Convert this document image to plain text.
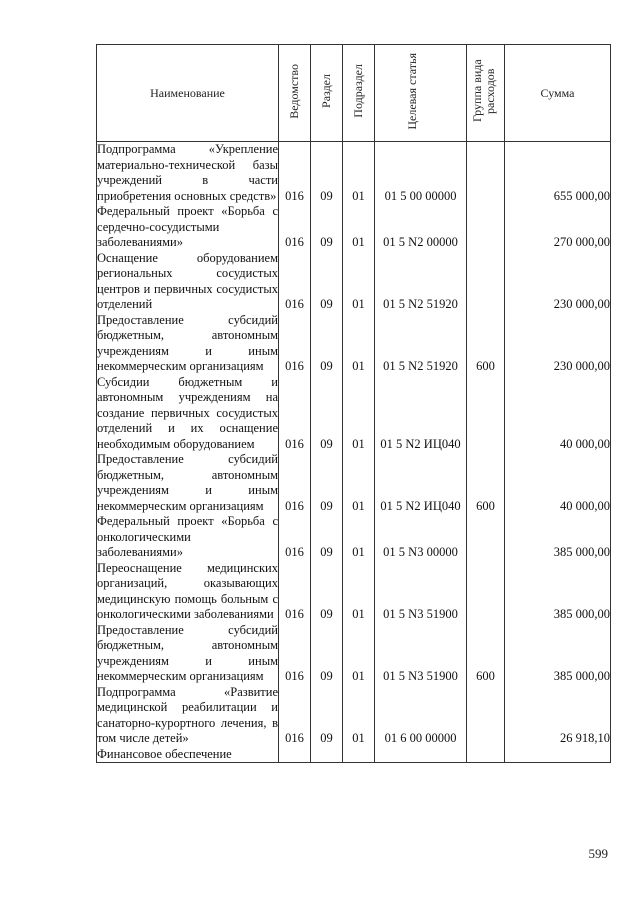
Наименование	Ведомство	Раздел	Подраздел	Целевая статья	Группа вида расходов	Сумма
Подпрограмма «Укрепление материально-технической базы учреждений в части приобретения основных средств»	016	09	01	01 5 00 00000		655 000,00
Федеральный проект «Борьба с сердечно-сосудистыми заболеваниями»	016	09	01	01 5 N2 00000		270 000,00
Оснащение оборудованием региональных сосудистых центров и первичных сосудистых отделений	016	09	01	01 5 N2 51920		230 000,00
Предоставление субсидий бюджетным, автономным учреждениям и иным некоммерческим организациям	016	09	01	01 5 N2 51920	600	230 000,00
Субсидии бюджетным и автономным учреждениям на создание первичных сосудистых отделений и их оснащение необходимым оборудованием	016	09	01	01 5 N2 ИЦ040		40 000,00
Предоставление субсидий бюджетным, автономным учреждениям и иным некоммерческим организациям	016	09	01	01 5 N2 ИЦ040	600	40 000,00
Федеральный проект «Борьба с онкологическими заболеваниями»	016	09	01	01 5 N3 00000		385 000,00
Переоснащение медицинских организаций, оказывающих медицинскую помощь больным с онкологическими заболеваниями	016	09	01	01 5 N3 51900		385 000,00
Предоставление субсидий бюджетным, автономным учреждениям и иным некоммерческим организациям	016	09	01	01 5 N3 51900	600	385 000,00
Подпрограмма «Развитие медицинской реабилитации и санаторно-курортного лечения, в том числе детей»	016	09	01	01 6 00 00000		26 918,10
Финансовое обеспечение						
599
